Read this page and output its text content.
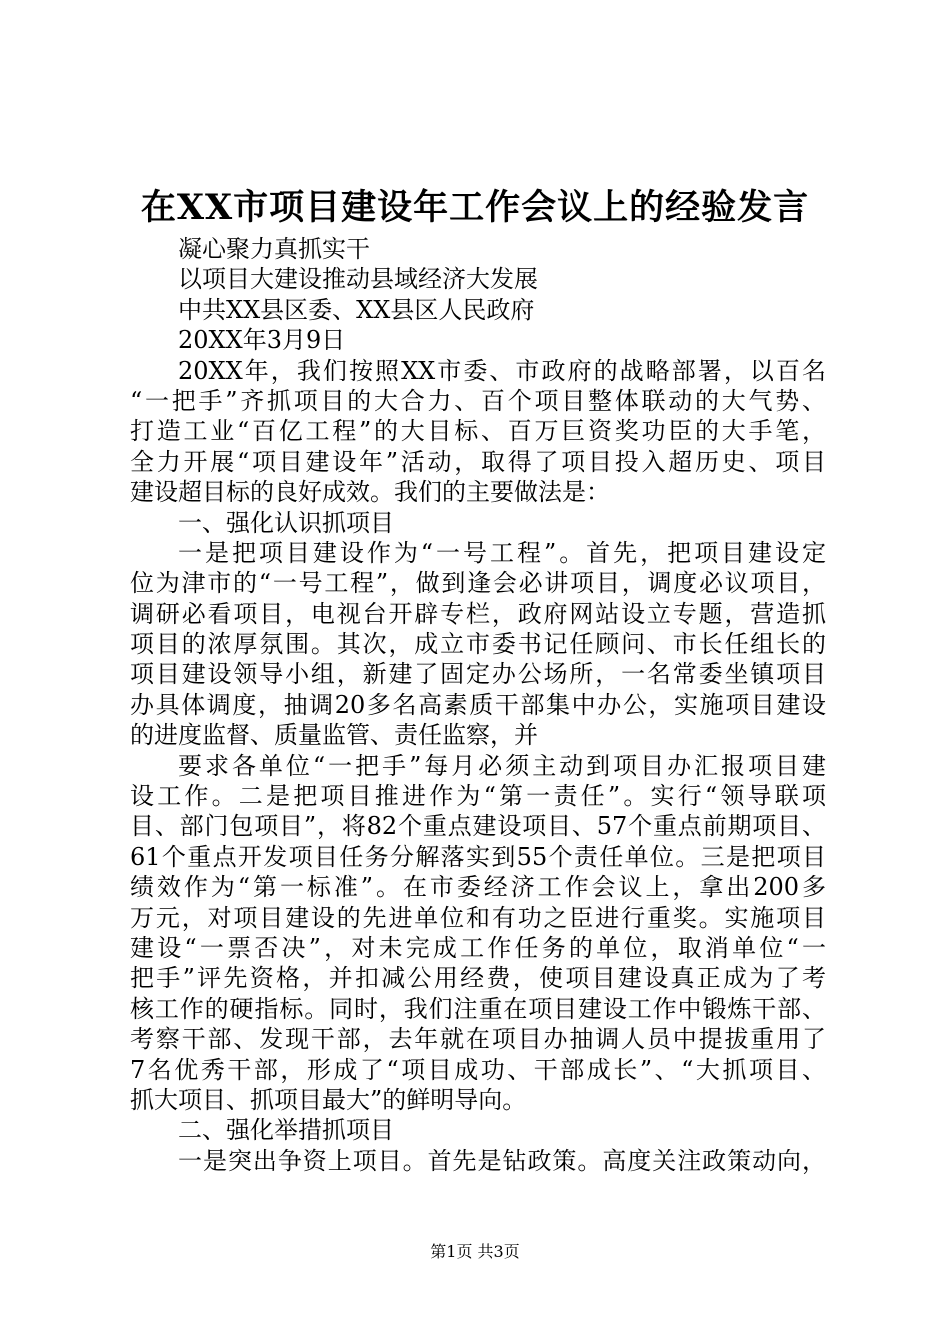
在XX市项目建设年工作会议上的经验发言
凝心聚力真抓实干
以项目大建设推动县域经济大发展
中共XX县区委、XX县区人民政府
20XX年3月9日
20XX年，我们按照XX市委、市政府的战略部署，以百名
“一把手”齐抓项目的大合力、百个项目整体联动的大气势、
打造工业“百亿工程”的大目标、百万巨资奖功臣的大手笔，
全力开展“项目建设年”活动，取得了项目投入超历史、项目
建设超目标的良好成效。我们的主要做法是：
一、强化认识抓项目
一是把项目建设作为“一号工程”。首先，把项目建设定
位为津市的“一号工程”，做到逢会必讲项目，调度必议项目，
调研必看项目，电视台开辟专栏，政府网站设立专题，营造抓
项目的浓厚氛围。其次，成立市委书记任顾问、市长任组长的
项目建设领导小组，新建了固定办公场所，一名常委坐镇项目
办具体调度，抽调20多名高素质干部集中办公，实施项目建设
的进度监督、质量监管、责任监察，并
要求各单位“一把手”每月必须主动到项目办汇报项目建
设工作。二是把项目推进作为“第一责任”。实行“领导联项
目、部门包项目”，将82个重点建设项目、57个重点前期项目、
61个重点开发项目任务分解落实到55个责任单位。三是把项目
绩效作为“第一标准”。在市委经济工作会议上，拿出200多
万元，对项目建设的先进单位和有功之臣进行重奖。实施项目
建设“一票否决”，对未完成工作任务的单位，取消单位“一
把手”评先资格，并扣减公用经费，使项目建设真正成为了考
核工作的硬指标。同时，我们注重在项目建设工作中锻炼干部、
考察干部、发现干部，去年就在项目办抽调人员中提拔重用了
7名优秀干部，形成了“项目成功、干部成长”、“大抓项目、
抓大项目、抓项目最大”的鲜明导向。
二、强化举措抓项目
一是突出争资上项目。首先是钻政策。高度关注政策动向，
第1页 共3页
